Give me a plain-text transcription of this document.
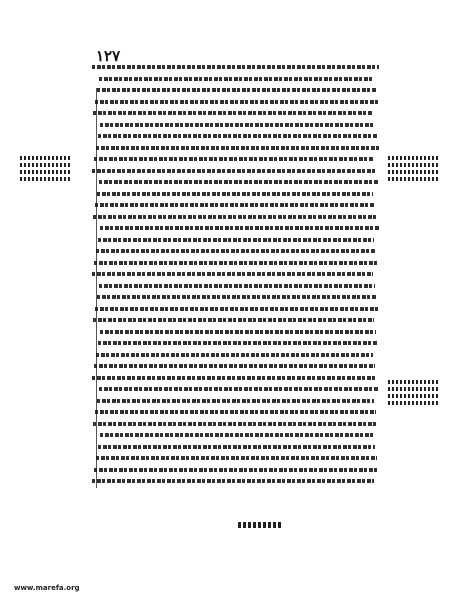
١٢٧
www.marefa.org
